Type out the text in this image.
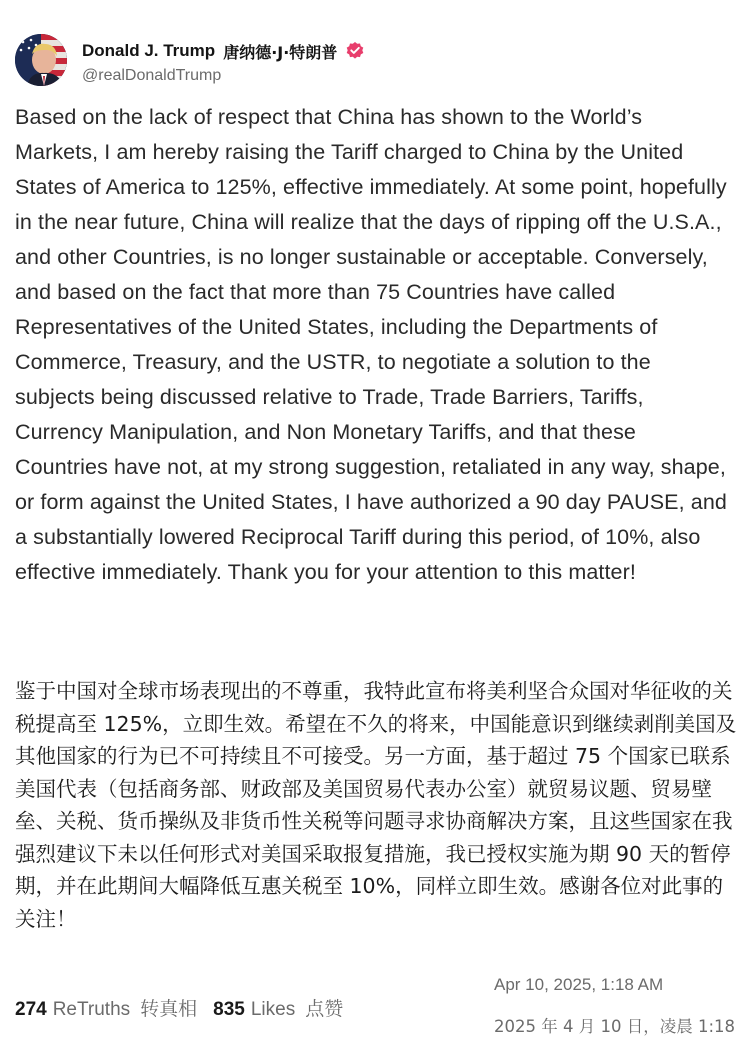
Donald J. Trump 唐纳德·J·特朗普
@realDonaldTrump

Based on the lack of respect that China has shown to the World’s Markets, I am hereby raising the Tariff charged to China by the United States of America to 125%, effective immediately. At some point, hopefully in the near future, China will realize that the days of ripping off the U.S.A., and other Countries, is no longer sustainable or acceptable. Conversely, and based on the fact that more than 75 Countries have called Representatives of the United States, including the Departments of Commerce, Treasury, and the USTR, to negotiate a solution to the subjects being discussed relative to Trade, Trade Barriers, Tariffs, Currency Manipulation, and Non Monetary Tariffs, and that these Countries have not, at my strong suggestion, retaliated in any way, shape, or form against the United States, I have authorized a 90 day PAUSE, and a substantially lowered Reciprocal Tariff during this period, of 10%, also effective immediately. Thank you for your attention to this matter!

鉴于中国对全球市场表现出的不尊重，我特此宣布将美利坚合众国对华征收的关税提高至 125%，立即生效。希望在不久的将来，中国能意识到继续剥削美国及其他国家的行为已不可持续且不可接受。另一方面，基于超过 75 个国家已联系美国代表（包括商务部、财政部及美国贸易代表办公室）就贸易议题、贸易壁垒、关税、货币操纵及非货币性关税等问题寻求协商解决方案，且这些国家在我强烈建议下未以任何形式对美国采取报复措施，我已授权实施为期 90 天的暂停期，并在此期间大幅降低互惠关税至 10%，同样立即生效。感谢各位对此事的关注！

274 ReTruths 转真相 835 Likes 点赞
Apr 10, 2025, 1:18 AM
2025 年 4 月 10 日，凌晨 1:18
